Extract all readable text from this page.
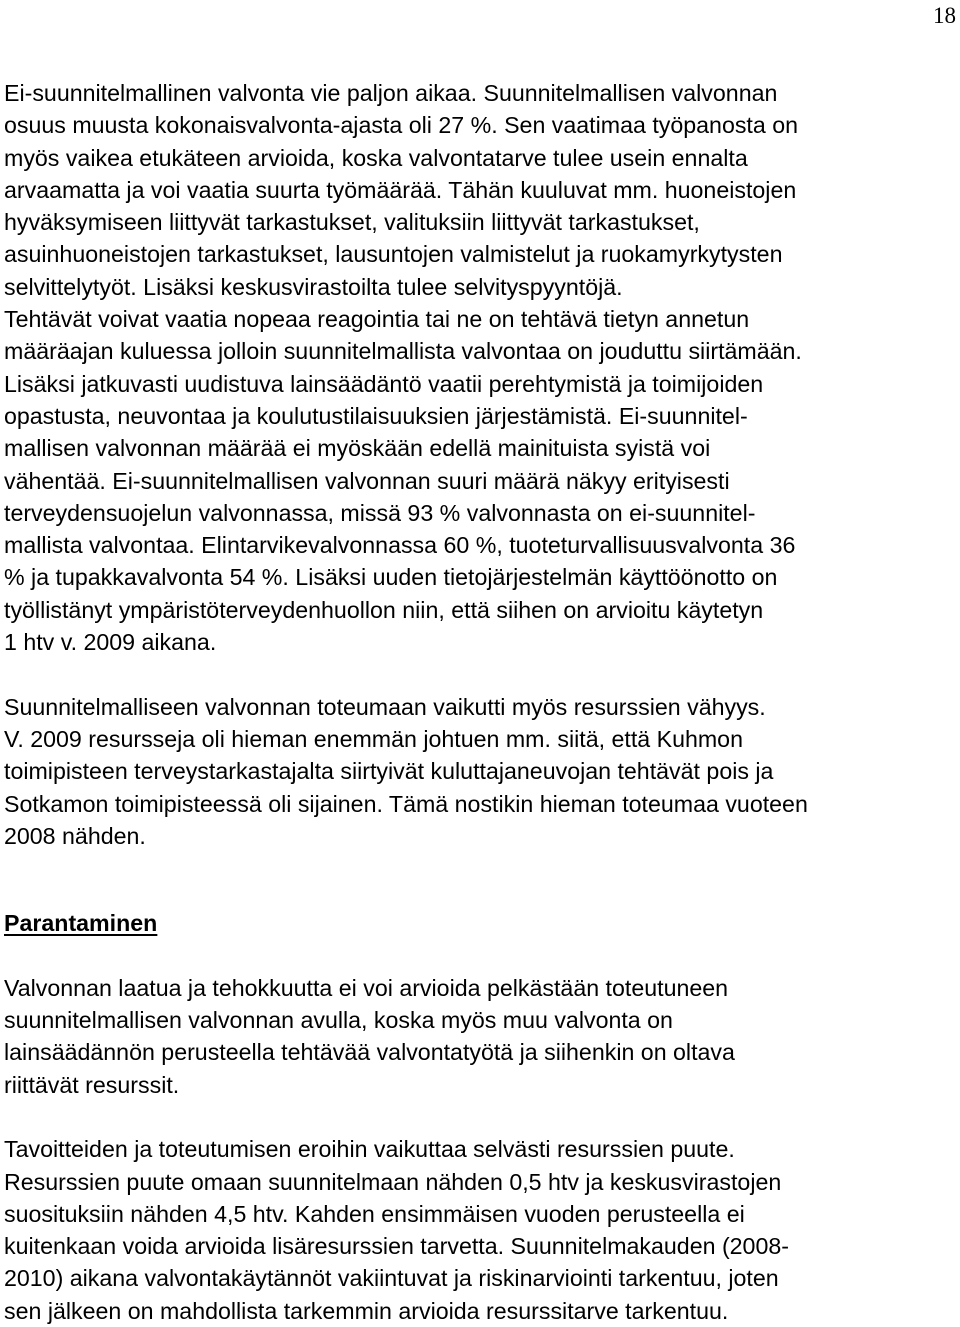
18
Ei-suunnitelmallinen valvonta vie paljon aikaa. Suunnitelmallisen valvonnan
osuus muusta kokonaisvalvonta-ajasta oli 27 %. Sen vaatimaa työpanosta on
myös vaikea etukäteen arvioida, koska valvontatarve tulee usein ennalta
arvaamatta ja voi vaatia suurta työmäärää. Tähän kuuluvat mm. huoneistojen
hyväksymiseen liittyvät tarkastukset, valituksiin liittyvät tarkastukset,
asuinhuoneistojen tarkastukset, lausuntojen valmistelut ja ruokamyrkytysten
selvittelytyöt. Lisäksi keskusvirastoilta tulee selvityspyyntöjä.
Tehtävät voivat vaatia nopeaa reagointia tai ne on tehtävä tietyn annetun
määräajan kuluessa jolloin suunnitelmallista valvontaa on jouduttu siirtämään.
Lisäksi jatkuvasti uudistuva lainsäädäntö vaatii perehtymistä ja toimijoiden
opastusta, neuvontaa ja koulutustilaisuuksien järjestämistä. Ei-suunnitel-
mallisen valvonnan määrää ei myöskään edellä mainituista syistä voi
vähentää. Ei-suunnitelmallisen valvonnan suuri määrä näkyy erityisesti
terveydensuojelun valvonnassa, missä 93 % valvonnasta on ei-suunnitel-
mallista valvontaa. Elintarvikevalvonnassa 60 %, tuoteturvallisuusvalvonta 36
% ja tupakkavalvonta 54 %. Lisäksi uuden tietojärjestelmän käyttöönotto on
työllistänyt ympäristöterveydenhuollon niin, että siihen on arvioitu käytetyn
1 htv v. 2009 aikana.
Suunnitelmalliseen valvonnan toteumaan vaikutti myös resurssien vähyys.
V. 2009 resursseja oli hieman enemmän johtuen mm. siitä, että Kuhmon
toimipisteen terveystarkastajalta siirtyivät kuluttajaneuvojan tehtävät pois ja
Sotkamon toimipisteessä oli sijainen. Tämä nostikin hieman toteumaa vuoteen
2008 nähden.
Parantaminen
Valvonnan laatua ja tehokkuutta ei voi arvioida pelkästään toteutuneen
suunnitelmallisen valvonnan avulla, koska myös muu valvonta on
lainsäädännön perusteella tehtävää valvontatyötä ja siihenkin on oltava
riittävät resurssit.
Tavoitteiden ja toteutumisen eroihin vaikuttaa selvästi resurssien puute.
Resurssien puute omaan suunnitelmaan nähden 0,5 htv ja keskusvirastojen
suosituksiin nähden 4,5 htv. Kahden ensimmäisen vuoden perusteella ei
kuitenkaan voida arvioida lisäresurssien tarvetta. Suunnitelmakauden (2008-
2010) aikana valvontakäytännöt vakiintuvat ja riskinarviointi tarkentuu, joten
sen jälkeen on mahdollista tarkemmin arvioida resurssitarve tarkentuu.
